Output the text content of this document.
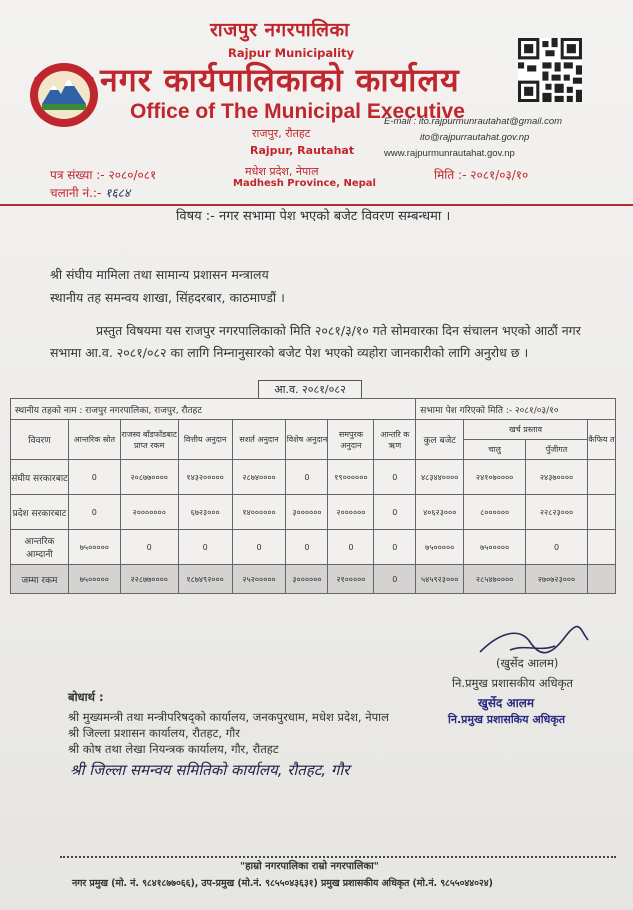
राजपुर नगरपालिका
Rajpur Municipality
नगर कार्यपालिकाको कार्यालय
Office of The Municipal Executive
राजपुर, रौतहट
Rajpur, Rautahat
मधेश प्रदेश, नेपाल
Madhesh Province, Nepal
E-mail : ito.rajpurmunrautahat@gmail.com
ito@rajpurrautahat.gov.np
www.rajpurmunrautahat.gov.np
पत्र संख्या :- २०८०/०८१
चलानी नं.:- १६८४
मिति :- २०८१/०३/१०
विषय :- नगर सभामा पेश भएको बजेट विवरण सम्बन्धमा ।
श्री संघीय मामिला तथा सामान्य प्रशासन मन्त्रालय
स्थानीय तह समन्वय शाखा, सिंहदरबार, काठमाण्डौं ।
प्रस्तुत विषयमा यस राजपुर नगरपालिकाको मिति २०८१/३/१० गते सोमवारका दिन संचालन भएको आठौं नगर सभामा आ.व. २०८१/०८२ का लागि निम्नानुसारको बजेट पेश भएको व्यहोरा जानकारीको लागि अनुरोध छ ।
आ.व. २०८१/०८२
स्थानीय तहको नाम : राजपुर नगरपालिका, राजपुर, रौतहट								सभामा पेश गरिएको मिति :- २०८१/०३/१०			
विवरण	आन्तरिक स्रोत	राजस्व बाँडफाँडबाट प्राप्त रकम	वित्तीय अनुदान	सशर्त अनुदान	विशेष अनुदान	समपुरक अनुदान	आन्तरि क ऋण	कुल बजेट	खर्च प्रस्ताव		कैफिय त
									चालु	पुँजीगत	
संघीय सरकारबाट	0	२०८७७००००	१४३२०००००	२८७४००००	0	१९००००००	0	४८३४४००००	२४१०७००००	२४३७००००	
प्रदेश सरकारबाट	0	२०००००००	६७२३०००	१४००००००	३००००००	२००००००	0	४०६२३०००	८००००००	२२८२३०००	
आन्तरिक आम्दानी	७५०००००	0	0	0	0	0	0	७५०००००	७५०००००	0	
जम्मा रकम	७५०००००	२२८७७००००	१८७४९२०००	२५२०००००	३००००००	२१०००००	0	५४५९२३०००	२८५४७००००	२७०७२३०००	
(खुर्सेद आलम)
नि.प्रमुख प्रशासकीय अधिकृत
खुर्सेद आलम
नि.प्रमुख प्रशासकिय अधिकृत
बोधार्थ :
श्री मुख्यमन्त्री तथा मन्त्रीपरिषद्को कार्यालय, जनकपुरधाम, मधेश प्रदेश, नेपाल
श्री जिल्ला प्रशासन कार्यालय, रौतहट, गौर
श्री कोष तथा लेखा नियन्त्रक कार्यालय, गौर, रौतहट
श्री जिल्ला समन्वय समितिको कार्यालय, रौतहट, गौर
"हाम्रो नगरपालिका राम्रो नगरपालिका"
नगर प्रमुख (मो. नं. ९८४१८७७०६६), उप-प्रमुख (मो.नं. ९८५५०४३६३१) प्रमुख प्रशासकीय अधिकृत (मो.नं. ९८५५०४४०२४)
